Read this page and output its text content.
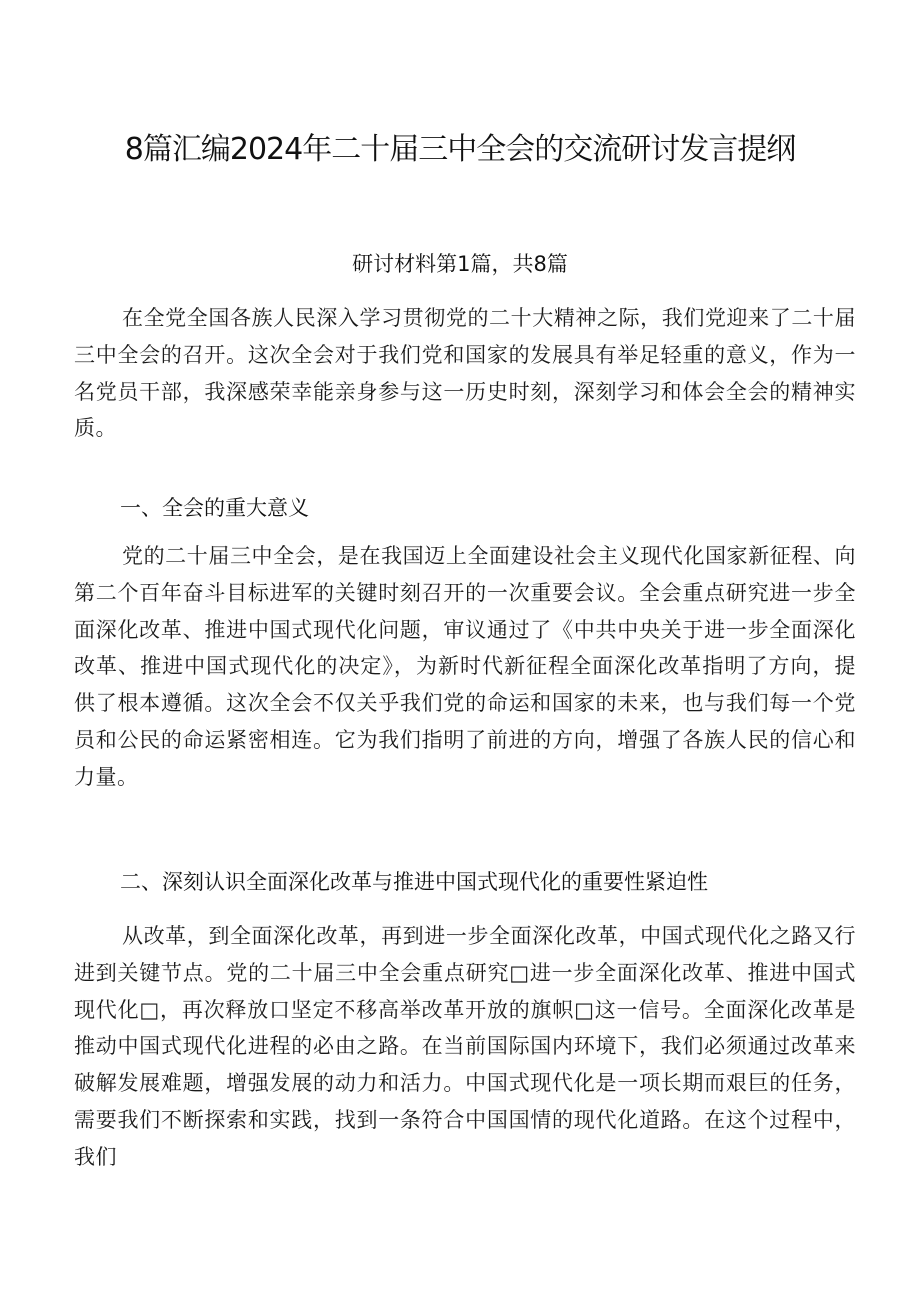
8篇汇编2024年二十届三中全会的交流研讨发言提纲
研讨材料第1篇，共8篇

在全党全国各族人民深入学习贯彻党的二十大精神之际，我们党迎来了二十届三中全会的召开。这次全会对于我们党和国家的发展具有举足轻重的意义，作为一名党员干部，我深感荣幸能亲身参与这一历史时刻，深刻学习和体会全会的精神实质。

一、全会的重大意义

党的二十届三中全会，是在我国迈上全面建设社会主义现代化国家新征程、向第二个百年奋斗目标进军的关键时刻召开的一次重要会议。全会重点研究进一步全面深化改革、推进中国式现代化问题，审议通过了《中共中央关于进一步全面深化改革、推进中国式现代化的决定》，为新时代新征程全面深化改革指明了方向，提供了根本遵循。这次全会不仅关乎我们党的命运和国家的未来，也与我们每一个党员和公民的命运紧密相连。它为我们指明了前进的方向，增强了各族人民的信心和力量。

二、深刻认识全面深化改革与推进中国式现代化的重要性紧迫性

从改革，到全面深化改革，再到进一步全面深化改革，中国式现代化之路又行进到关键节点。党的二十届三中全会重点研究□进一步全面深化改革、推进中国式现代化□，再次释放口坚定不移高举改革开放的旗帜□这一信号。全面深化改革是推动中国式现代化进程的必由之路。在当前国际国内环境下，我们必须通过改革来破解发展难题，增强发展的动力和活力。中国式现代化是一项长期而艰巨的任务，需要我们不断探索和实践，找到一条符合中国国情的现代化道路。在这个过程中，我们
